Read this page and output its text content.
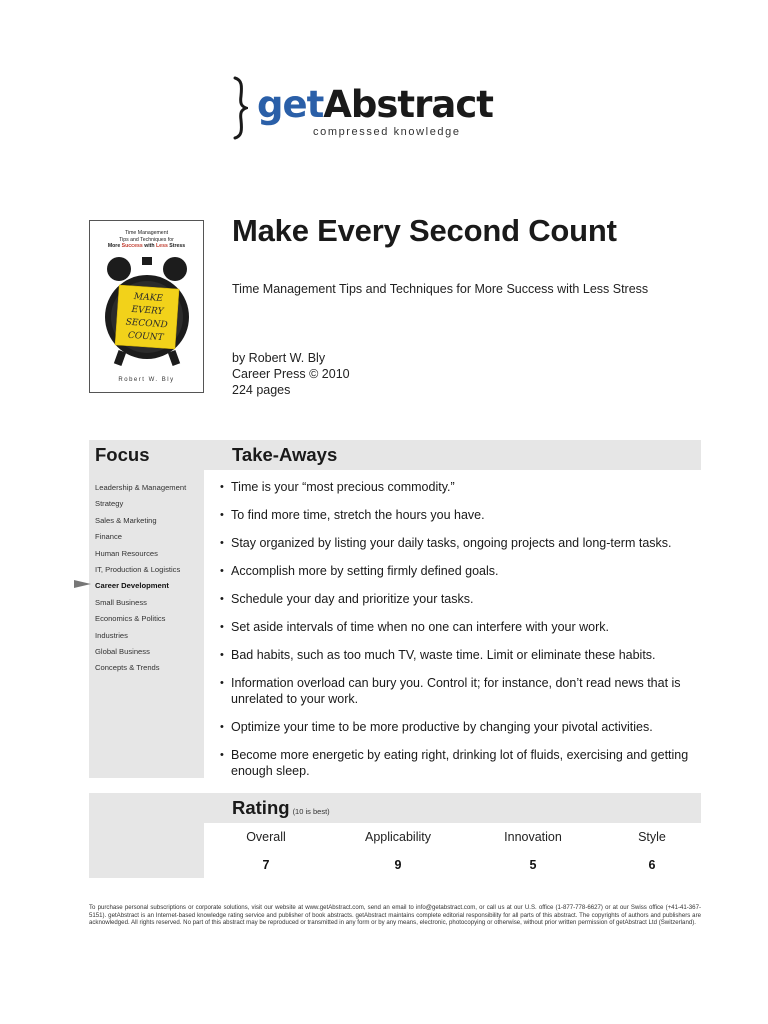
getAbstract
compressed knowledge
Time Management
Tips and Techniques for
More Success with Less Stress
MAKE
EVERY
SECOND
COUNT
Robert W. Bly
Make Every Second Count
Time Management Tips and Techniques for More Success with Less Stress
by Robert W. Bly
Career Press © 2010
224 pages
Focus
Leadership & Management
Strategy
Sales & Marketing
Finance
Human Resources
IT, Production & Logistics
Career Development
Small Business
Economics & Politics
Industries
Global Business
Concepts & Trends
Take-Aways
• Time is your “most precious commodity.”
• To find more time, stretch the hours you have.
• Stay organized by listing your daily tasks, ongoing projects and long-term tasks.
• Accomplish more by setting firmly defined goals.
• Schedule your day and prioritize your tasks.
• Set aside intervals of time when no one can interfere with your work.
• Bad habits, such as too much TV, waste time. Limit or eliminate these habits.
• Information overload can bury you. Control it; for instance, don’t read news that is unrelated to your work.
• Optimize your time to be more productive by changing your pivotal activities.
• Become more energetic by eating right, drinking lot of fluids, exercising and getting enough sleep.
Rating (10 is best)
Overall
7
Applicability
9
Innovation
5
Style
6
To purchase personal subscriptions or corporate solutions, visit our website at www.getAbstract.com, send an email to info@getabstract.com, or call us at our U.S. office (1-877-778-6627) or at our Swiss office (+41-41-367-5151). getAbstract is an Internet-based knowledge rating service and publisher of book abstracts. getAbstract maintains complete editorial responsibility for all parts of this abstract. The copyrights of authors and publishers are acknowledged. All rights reserved. No part of this abstract may be reproduced or transmitted in any form or by any means, electronic, photocopying or otherwise, without prior written permission of getAbstract Ltd (Switzerland).
